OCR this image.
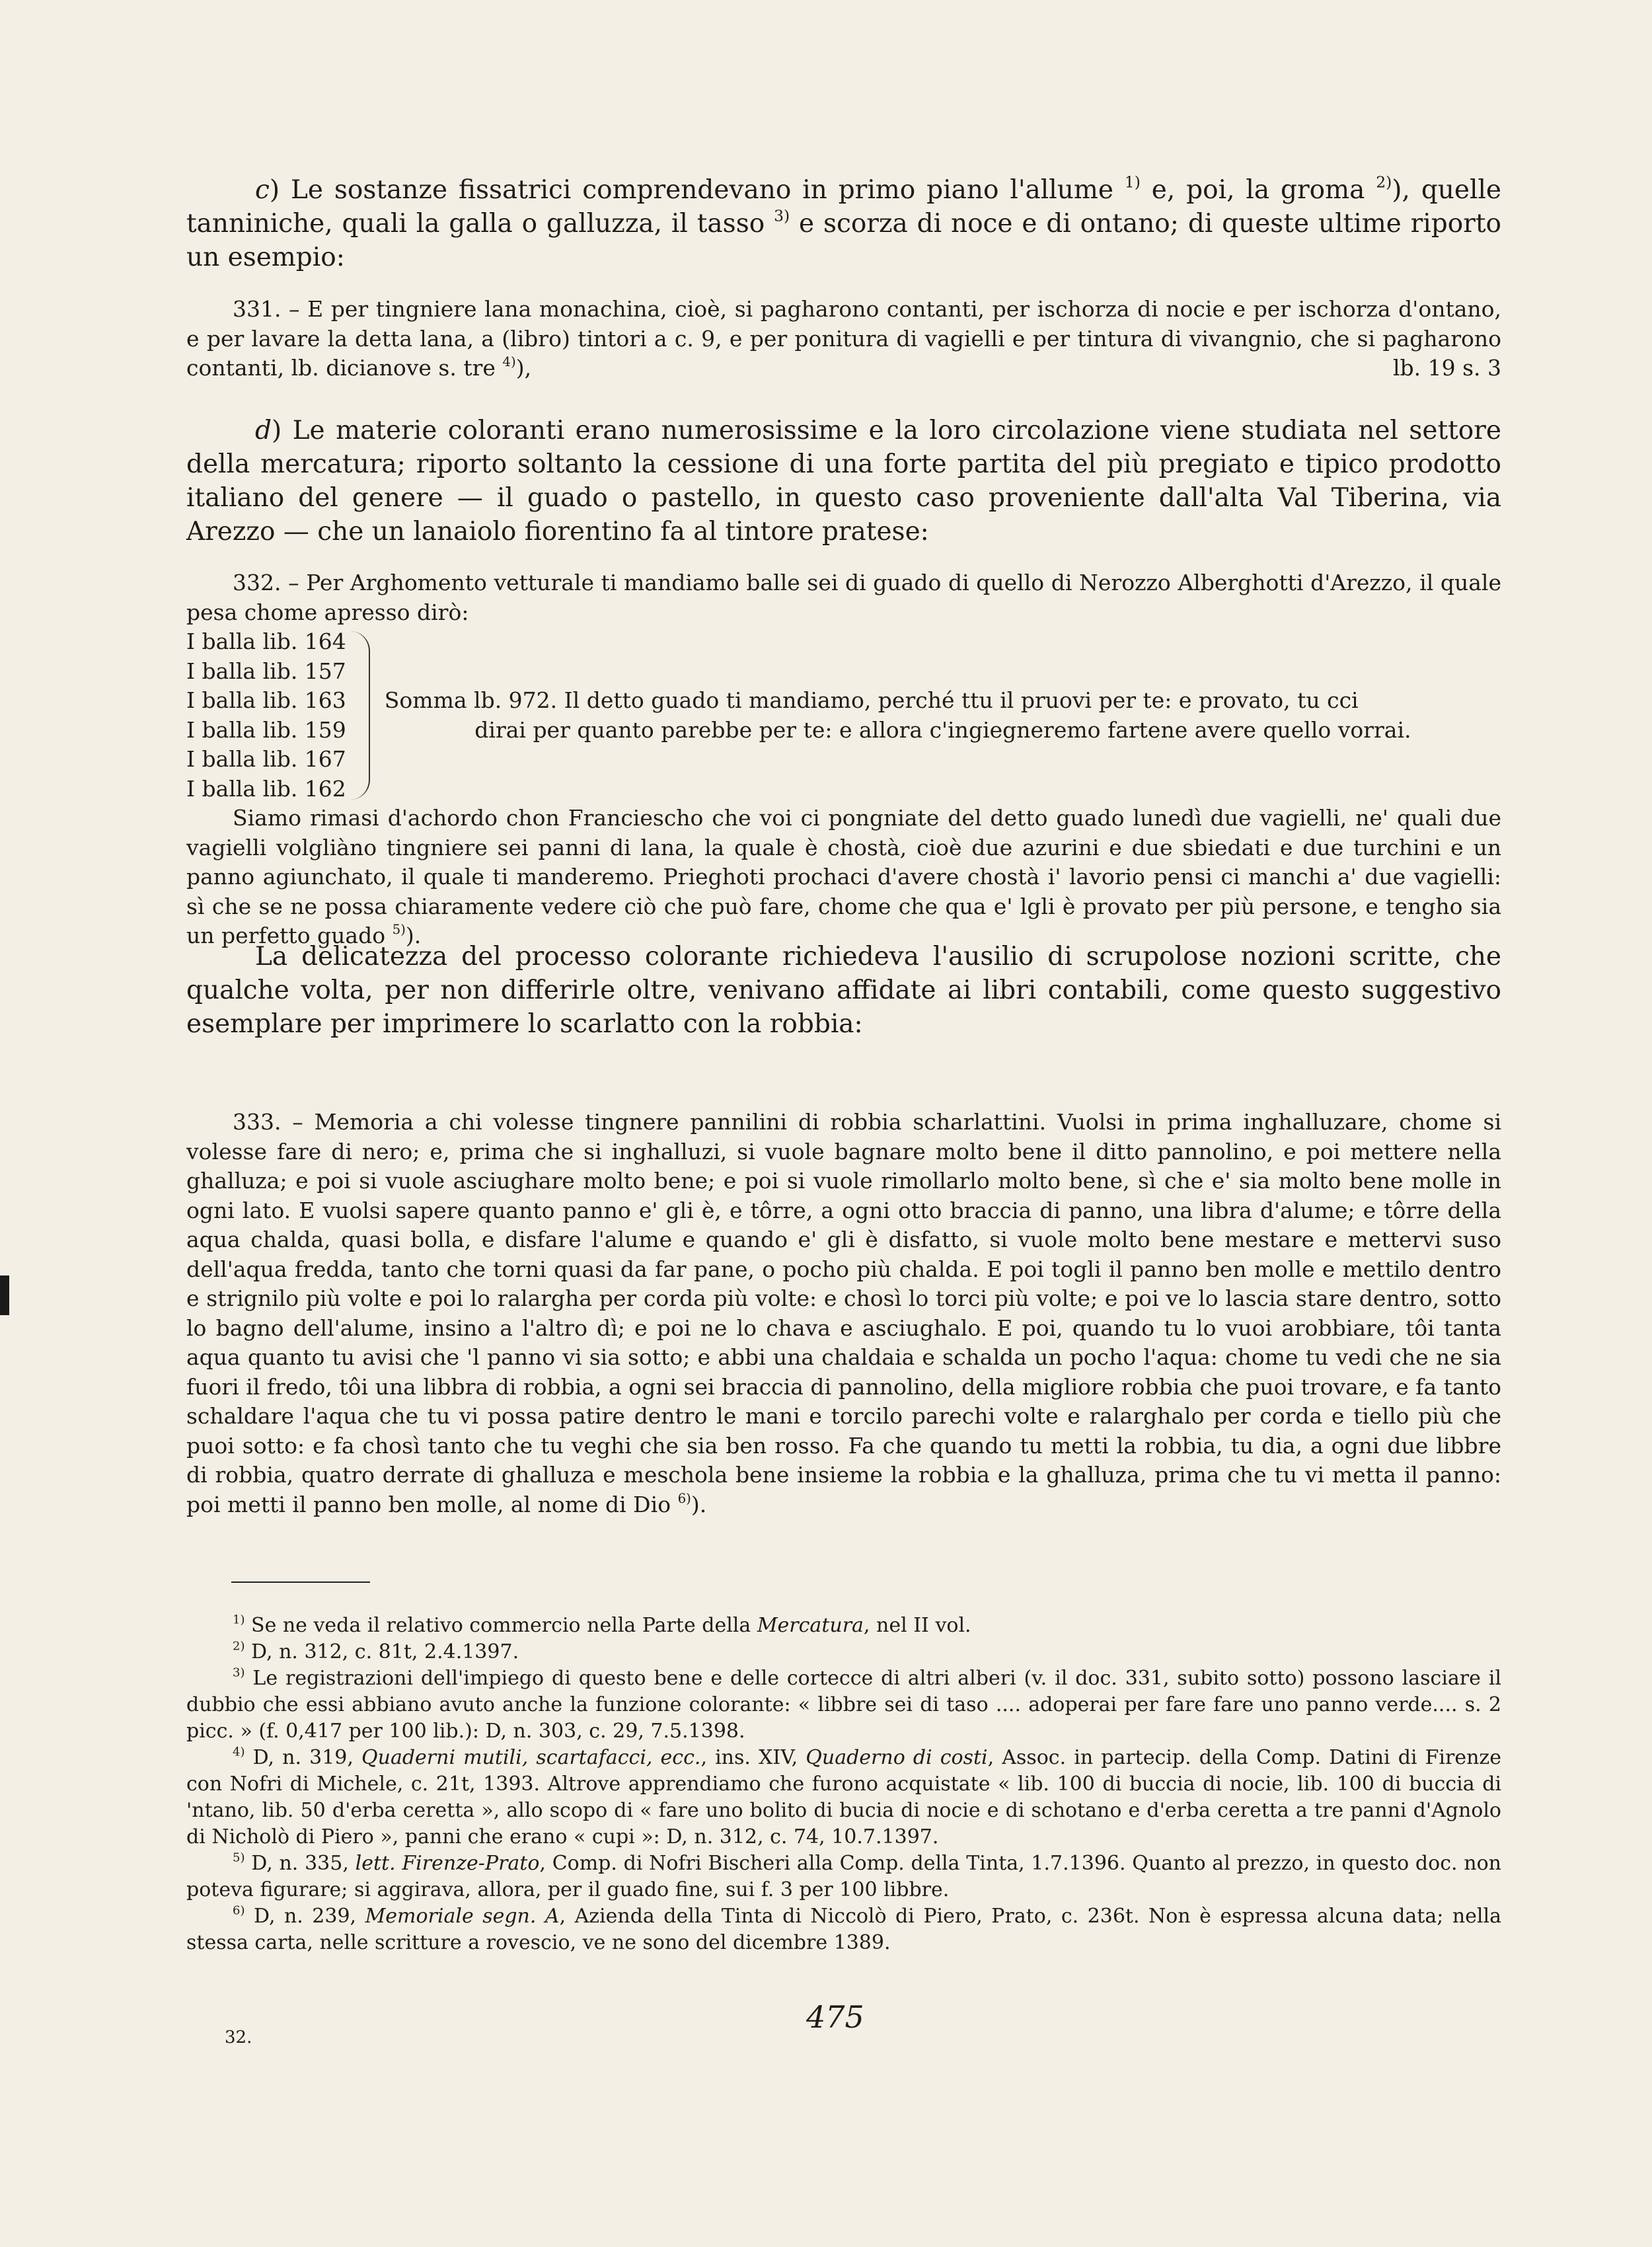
c) Le sostanze fissatrici comprendevano in primo piano l'allume $^{1)}$ e, poi, la groma $^{2)}$), quelle tanniniche, quali la galla o galluzza, il tasso $^{3)}$ e scorza di noce e di ontano; di queste ultime riporto un esempio:
331. – E per tingniere lana monachina, cioè, si pagharono contanti, per ischorza di nocie e per ischorza d'ontano, e per lavare la detta lana, a (libro) tintori a c. 9, e per ponitura di vagielli e per tintura di vivangnio, che si pagharono contanti, lb. dicianove s. tre $^{4)}$),	lb. 19 s. 3
d) Le materie coloranti erano numerosissime e la loro circolazione viene studiata nel settore della mercatura; riporto soltanto la cessione di una forte partita del più pregiato e tipico prodotto italiano del genere — il guado o pastello, in questo caso proveniente dall'alta Val Tiberina, via Arezzo — che un lanaiolo fiorentino fa al tintore pratese:
332. – Per Arghomento vetturale ti mandiamo balle sei di guado di quello di Nerozzo Alberghotti d'Arezzo, il quale pesa chome apresso dirò:
I balla lib. 164
I balla lib. 157
I balla lib. 163
I balla lib. 159
I balla lib. 167
I balla lib. 162
Somma lb. 972. Il detto guado ti mandiamo, perché ttu il pruovi per te: e provato, tu cci
dirai per quanto parebbe per te: e allora c'ingiegneremo fartene avere quello vorrai.
Siamo rimasi d'achordo chon Franciescho che voi ci pongniate del detto guado lunedì due vagielli, ne' quali due vagielli volgliàno tingniere sei panni di lana, la quale è chostà, cioè due azurini e due sbiedati e due turchini e un panno agiunchato, il quale ti manderemo. Prieghoti prochaci d'avere chostà i' lavorio pensi ci manchi a' due vagielli: sì che se ne possa chiaramente vedere ciò che può fare, chome che qua e' lgli è provato per più persone, e tengho sia un perfetto guado $^{5)}$).
La delicatezza del processo colorante richiedeva l'ausilio di scrupolose nozioni scritte, che qualche volta, per non differirle oltre, venivano affidate ai libri contabili, come questo suggestivo esemplare per imprimere lo scarlatto con la robbia:
333. – Memoria a chi volesse tingnere pannilini di robbia scharlattini. Vuolsi in prima inghalluzare, chome si volesse fare di nero; e, prima che si inghalluzi, si vuole bagnare molto bene il ditto pannolino, e poi mettere nella ghalluza; e poi si vuole asciughare molto bene; e poi si vuole rimollarlo molto bene, sì che e' sia molto bene molle in ogni lato. E vuolsi sapere quanto panno e' gli è, e tôrre, a ogni otto braccia di panno, una libra d'alume; e tôrre della aqua chalda, quasi bolla, e disfare l'alume e quando e' gli è disfatto, si vuole molto bene mestare e mettervi suso dell'aqua fredda, tanto che torni quasi da far pane, o pocho più chalda. E poi togli il panno ben molle e mettilo dentro e strignilo più volte e poi lo ralargha per corda più volte: e chosì lo torci più volte; e poi ve lo lascia stare dentro, sotto lo bagno dell'alume, insino a l'altro dì; e poi ne lo chava e asciughalo. E poi, quando tu lo vuoi arobbiare, tôi tanta aqua quanto tu avisi che 'l panno vi sia sotto; e abbi una chaldaia e schalda un pocho l'aqua: chome tu vedi che ne sia fuori il fredo, tôi una libbra di robbia, a ogni sei braccia di pannolino, della migliore robbia che puoi trovare, e fa tanto schaldare l'aqua che tu vi possa patire dentro le mani e torcilo parechi volte e ralarghalo per corda e tiello più che puoi sotto: e fa chosì tanto che tu veghi che sia ben rosso. Fa che quando tu metti la robbia, tu dia, a ogni due libbre di robbia, quatro derrate di ghalluza e meschola bene insieme la robbia e la ghalluza, prima che tu vi metta il panno: poi metti il panno ben molle, al nome di Dio $^{6)}$).

$^{1)}$ Se ne veda il relativo commercio nella Parte della Mercatura, nel II vol.

$^{2)}$ D, n. 312, c. 81t, 2.4.1397.

$^{3)}$ Le registrazioni dell'impiego di questo bene e delle cortecce di altri alberi (v. il doc. 331, subito sotto) possono lasciare il dubbio che essi abbiano avuto anche la funzione colorante: « libbre sei di taso .... adoperai per fare fare uno panno verde.... s. 2 picc. » (f. 0,417 per 100 lib.): D, n. 303, c. 29, 7.5.1398.

$^{4)}$ D, n. 319, Quaderni mutili, scartafacci, ecc., ins. XIV, Quaderno di costi, Assoc. in partecip. della Comp. Datini di Firenze con Nofri di Michele, c. 21t, 1393. Altrove apprendiamo che furono acquistate « lib. 100 di buccia di nocie, lib. 100 di buccia di 'ntano, lib. 50 d'erba ceretta », allo scopo di « fare uno bolito di bucia di nocie e di schotano e d'erba ceretta a tre panni d'Agnolo di Nicholò di Piero », panni che erano « cupi »: D, n. 312, c. 74, 10.7.1397.

$^{5)}$ D, n. 335, lett. Firenze-Prato, Comp. di Nofri Bischeri alla Comp. della Tinta, 1.7.1396. Quanto al prezzo, in questo doc. non poteva figurare; si aggirava, allora, per il guado fine, sui f. 3 per 100 libbre.

$^{6)}$ D, n. 239, Memoriale segn. A, Azienda della Tinta di Niccolò di Piero, Prato, c. 236t. Non è espressa alcuna data; nella stessa carta, nelle scritture a rovescio, ve ne sono del dicembre 1389.

475
32.
